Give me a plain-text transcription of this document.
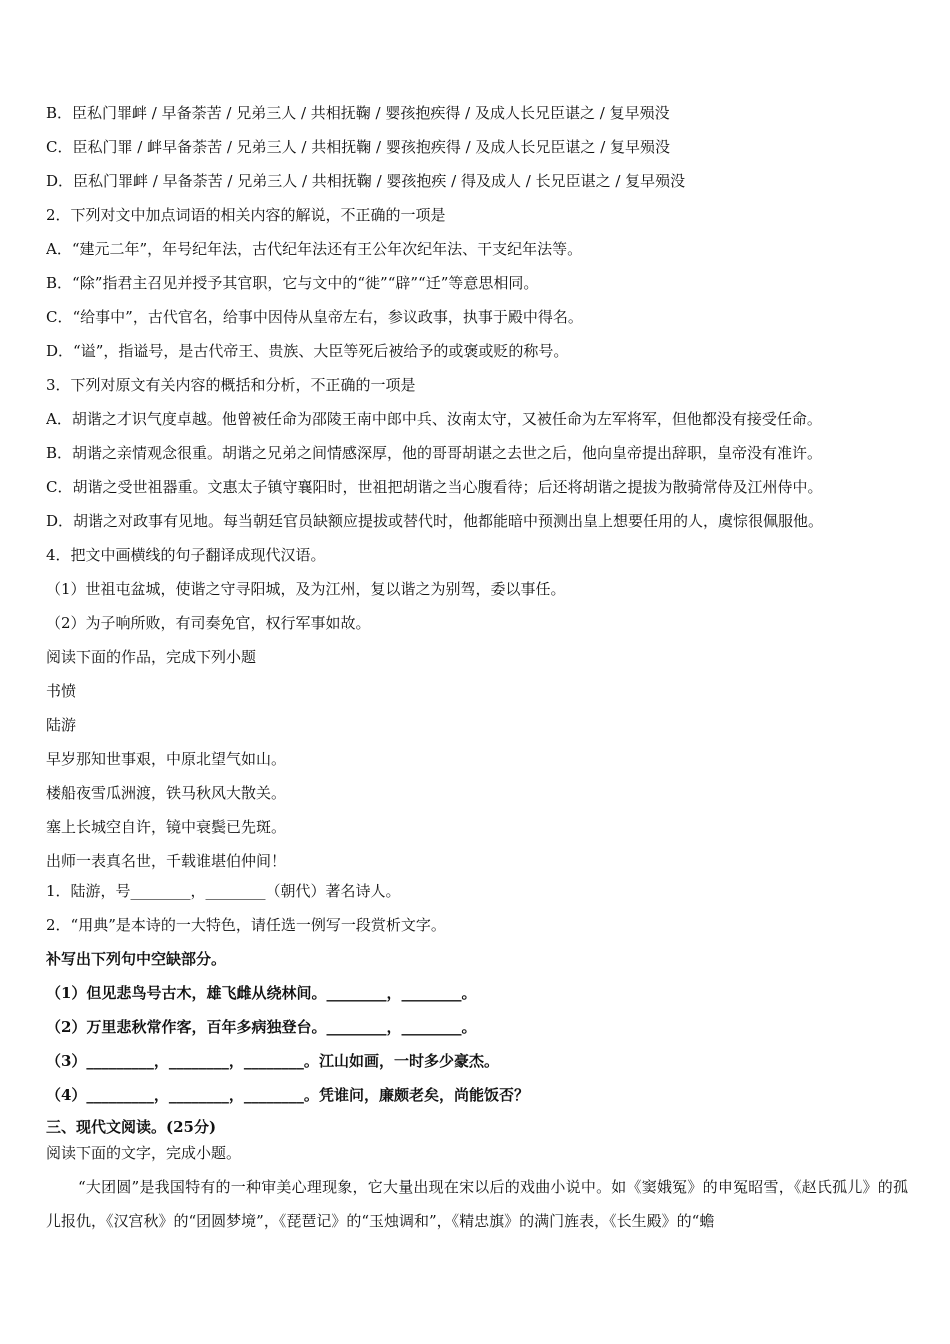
B．臣私门罪衅 / 早备荼苦 / 兄弟三人 / 共相抚鞠 / 婴孩抱疾得 / 及成人长兄臣谌之 / 复早殒没
C．臣私门罪 / 衅早备荼苦 / 兄弟三人 / 共相抚鞠 / 婴孩抱疾得 / 及成人长兄臣谌之 / 复早殒没
D．臣私门罪衅 / 早备荼苦 / 兄弟三人 / 共相抚鞠 / 婴孩抱疾 / 得及成人 / 长兄臣谌之 / 复早殒没
2．下列对文中加点词语的相关内容的解说，不正确的一项是
A．“建元二年”，年号纪年法，古代纪年法还有王公年次纪年法、干支纪年法等。
B．“除”指君主召见并授予其官职，它与文中的“徙”“辟”“迁”等意思相同。
C．“给事中”，古代官名，给事中因侍从皇帝左右，参议政事，执事于殿中得名。
D．“谥”，指谥号，是古代帝王、贵族、大臣等死后被给予的或褒或贬的称号。
3．下列对原文有关内容的概括和分析，不正确的一项是
A．胡谐之才识气度卓越。他曾被任命为邵陵王南中郎中兵、汝南太守，又被任命为左军将军，但他都没有接受任命。
B．胡谐之亲情观念很重。胡谐之兄弟之间情感深厚，他的哥哥胡谌之去世之后，他向皇帝提出辞职，皇帝没有准许。
C．胡谐之受世祖器重。文惠太子镇守襄阳时，世祖把胡谐之当心腹看待；后还将胡谐之提拔为散骑常侍及江州侍中。
D．胡谐之对政事有见地。每当朝廷官员缺额应提拔或替代时，他都能暗中预测出皇上想要任用的人，虞悰很佩服他。
4．把文中画横线的句子翻译成现代汉语。
（1）世祖屯盆城，使谐之守寻阳城，及为江州，复以谐之为别驾，委以事任。
（2）为子响所败，有司奏免官，权行军事如故。
阅读下面的作品，完成下列小题
书愤
陆游
早岁那知世事艰，中原北望气如山。
楼船夜雪瓜洲渡，铁马秋风大散关。
塞上长城空自许，镜中衰鬓已先斑。
出师一表真名世，千载谁堪伯仲间！
1．陆游，号________，________（朝代）著名诗人。
2．“用典”是本诗的一大特色，请任选一例写一段赏析文字。
补写出下列句中空缺部分。
（1）但见悲鸟号古木，雄飞雌从绕林间。________，________。
（2）万里悲秋常作客，百年多病独登台。________，________。
（3）_________，________，________。江山如画，一时多少豪杰。
（4）_________，________，________。凭谁问，廉颇老矣，尚能饭否？
三、现代文阅读。(25分)
阅读下面的文字，完成小题。
“大团圆”是我国特有的一种审美心理现象，它大量出现在宋以后的戏曲小说中。如《窦娥冤》的申冤昭雪，《赵氏孤儿》的孤儿报仇，《汉宫秋》的“团圆梦境”，《琵琶记》的“玉烛调和”，《精忠旗》的满门旌表，《长生殿》的“蟾
